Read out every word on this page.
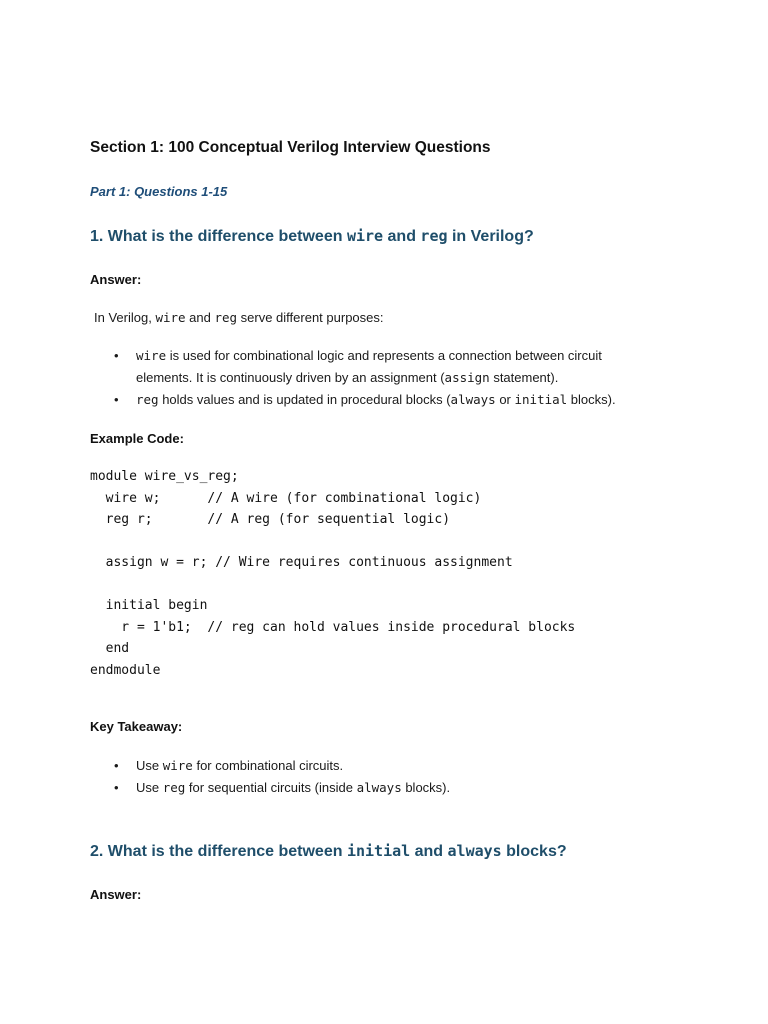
Section 1: 100 Conceptual Verilog Interview Questions
Part 1: Questions 1-15
1. What is the difference between wire and reg in Verilog?
Answer:
In Verilog, wire and reg serve different purposes:
• wire is used for combinational logic and represents a connection between circuit
elements. It is continuously driven by an assignment (assign statement).
• reg holds values and is updated in procedural blocks (always or initial blocks).
Example Code:
module wire_vs_reg;
wire w;      // A wire (for combinational logic)
reg r;       // A reg (for sequential logic)

assign w = r; // Wire requires continuous assignment

initial begin
r = 1'b1;  // reg can hold values inside procedural blocks
end
endmodule
Key Takeaway:
• Use wire for combinational circuits.
• Use reg for sequential circuits (inside always blocks).
2. What is the difference between initial and always blocks?
Answer:
